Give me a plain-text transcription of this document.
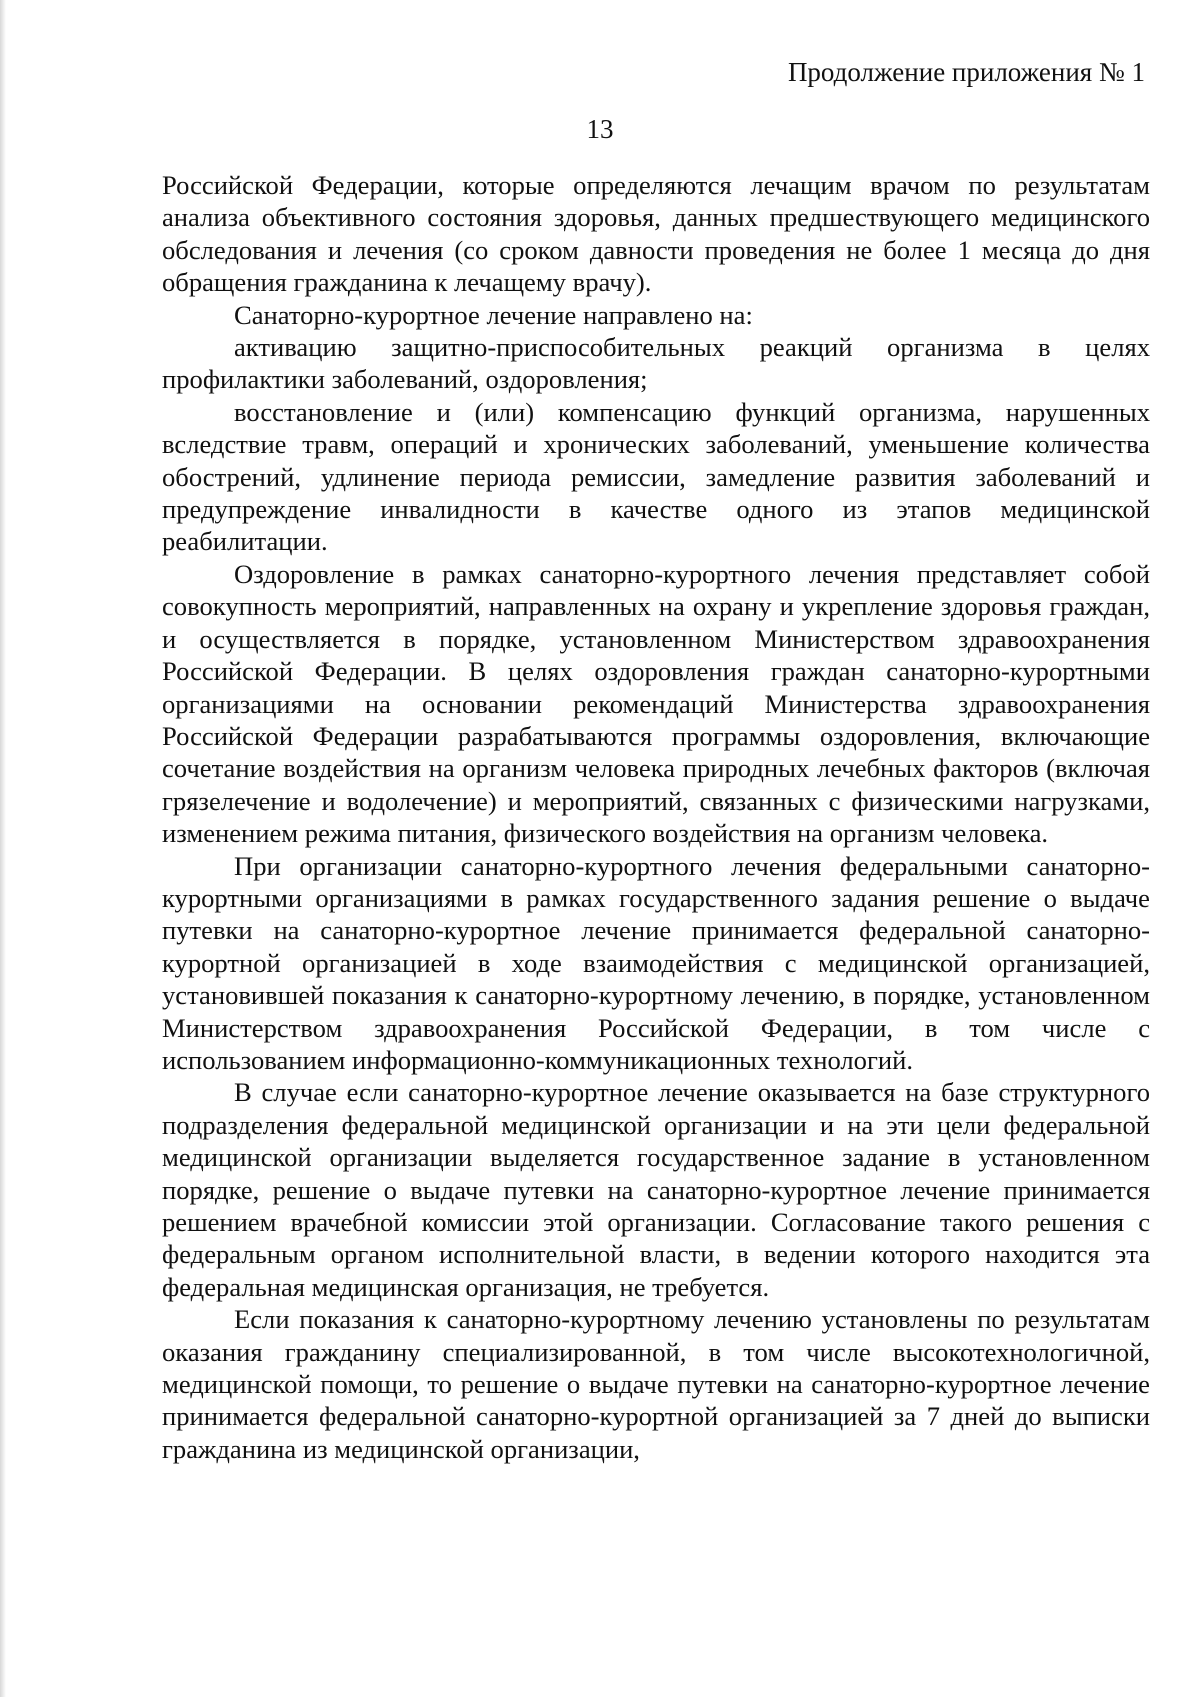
Продолжение приложения № 1
13

Российской Федерации, которые определяются лечащим врачом по результатам анализа объективного состояния здоровья, данных предшествующего медицинского обследования и лечения (со сроком давности проведения не более 1 месяца до дня обращения гражданина к лечащему врачу).

Санаторно-курортное лечение направлено на:

активацию защитно-приспособительных реакций организма в целях профилактики заболеваний, оздоровления;

восстановление и (или) компенсацию функций организма, нарушенных вследствие травм, операций и хронических заболеваний, уменьшение количества обострений, удлинение периода ремиссии, замедление развития заболеваний и предупреждение инвалидности в качестве одного из этапов медицинской реабилитации.

Оздоровление в рамках санаторно-курортного лечения представляет собой совокупность мероприятий, направленных на охрану и укрепление здоровья граждан, и осуществляется в порядке, установленном Министерством здравоохранения Российской Федерации. В целях оздоровления граждан санаторно-курортными организациями на основании рекомендаций Министерства здравоохранения Российской Федерации разрабатываются программы оздоровления, включающие сочетание воздействия на организм человека природных лечебных факторов (включая грязелечение и водолечение) и мероприятий, связанных с физическими нагрузками, изменением режима питания, физического воздействия на организм человека.

При организации санаторно-курортного лечения федеральными санаторно-курортными организациями в рамках государственного задания решение о выдаче путевки на санаторно-курортное лечение принимается федеральной санаторно-курортной организацией в ходе взаимодействия с медицинской организацией, установившей показания к санаторно-курортному лечению, в порядке, установленном Министерством здравоохранения Российской Федерации, в том числе с использованием информационно-коммуникационных технологий.

В случае если санаторно-курортное лечение оказывается на базе структурного подразделения федеральной медицинской организации и на эти цели федеральной медицинской организации выделяется государственное задание в установленном порядке, решение о выдаче путевки на санаторно-курортное лечение принимается решением врачебной комиссии этой организации. Согласование такого решения с федеральным органом исполнительной власти, в ведении которого находится эта федеральная медицинская организация, не требуется.

Если показания к санаторно-курортному лечению установлены по результатам оказания гражданину специализированной, в том числе высокотехнологичной, медицинской помощи, то решение о выдаче путевки на санаторно-курортное лечение принимается федеральной санаторно-курортной организацией за 7 дней до выписки гражданина из медицинской организации,
